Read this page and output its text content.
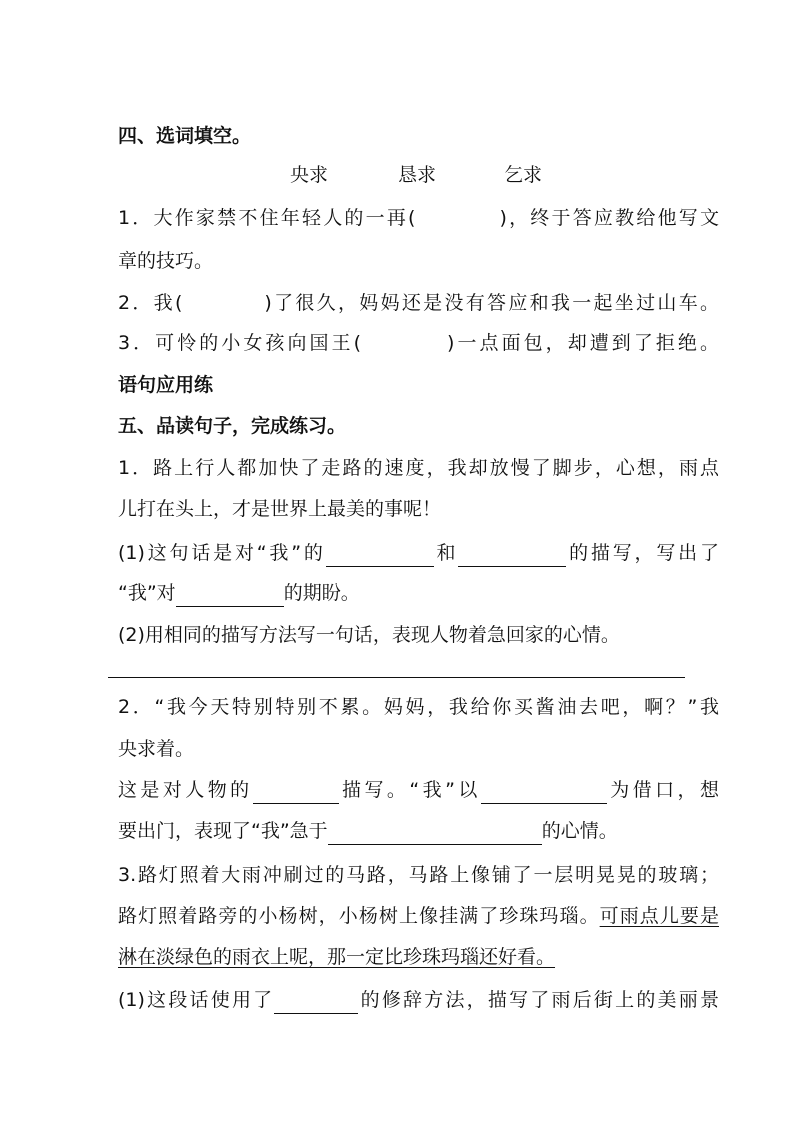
四、选词填空。
央求	恳求	乞求
1．大作家禁不住年轻人的一再(	)，终于答应教给他写文
章的技巧。
2．我(	)了很久，妈妈还是没有答应和我一起坐过山车。
3．可怜的小女孩向国王(	)一点面包，却遭到了拒绝。
语句应用练
五、品读句子，完成练习。
1．路上行人都加快了走路的速度，我却放慢了脚步，心想，雨点
儿打在头上，才是世界上最美的事呢！
(1)这句话是对“我”的	和	的描写，写出了
“我”对	的期盼。
(2)用相同的描写方法写一句话，表现人物着急回家的心情。
2．“我今天特别特别不累。妈妈，我给你买酱油去吧，啊？”我
央求着。
这是对人物的	描写。“我”以	为借口，想
要出门，表现了“我”急于	的心情。
3.路灯照着大雨冲刷过的马路，马路上像铺了一层明晃晃的玻璃；
路灯照着路旁的小杨树，小杨树上像挂满了珍珠玛瑙。可雨点儿要是
淋在淡绿色的雨衣上呢，那一定比珍珠玛瑙还好看。
(1)这段话使用了	的修辞方法，描写了雨后街上的美丽景
